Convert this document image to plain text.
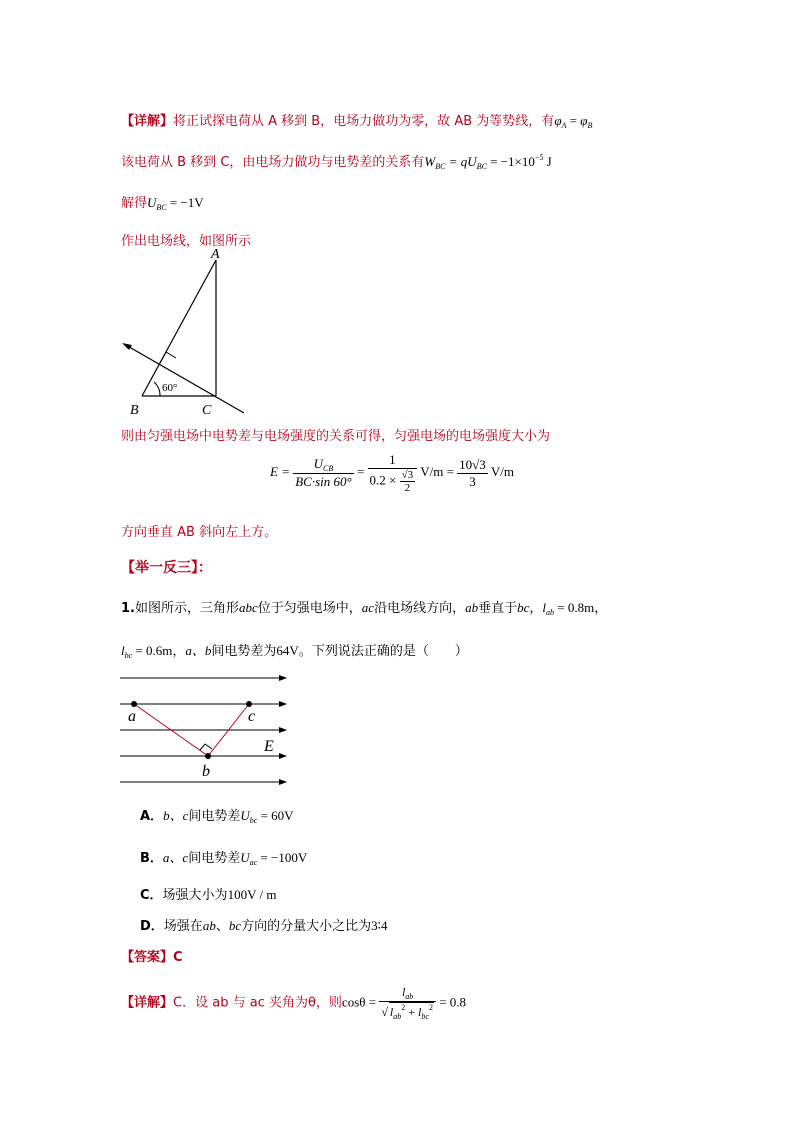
【详解】将正试探电荷从 A 移到 B，电场力做功为零，故 AB 为等势线，有$\varphi_A = \varphi_B$
该电荷从 B 移到 C，由电场力做功与电势差的关系有$W_{BC} = qU_{BC} = -1\times 10^{-5}$ J
解得$U_{BC} = -1V$
作出电场线，如图所示
A
B	C
60°
则由匀强电场中电势差与电场强度的关系可得，匀强电场的电场强度大小为
$E = \frac{U_{CB}}{BC\cdot\sin 60^\circ} = \frac{1}{0.2 \times \frac{√3}{2}} V/m = \frac{10√3}{3} V/m$
方向垂直 AB 斜向左上方。
【举一反三】：
1.如图所示，三角形abc位于匀强电场中，ac沿电场线方向，ab垂直于bc，$l_{ab} = 0.8m$，
$l_{bc} = 0.6m$，a、b间电势差为64V。下列说法正确的是（　　）
a	c
b
E
A．b、c间电势差$U_{bc} = 60V$
B．a、c间电势差$U_{ac} = -100V$
C．场强大小为100V / m
D．场强在ab、bc方向的分量大小之比为3∶4
【答案】C
【详解】C．设 ab 与 ac 夹角为θ，则$\cos\theta = \frac{l_{ab}}{√ l_{ab}^2 + l_{bc}^2} = 0.8$
